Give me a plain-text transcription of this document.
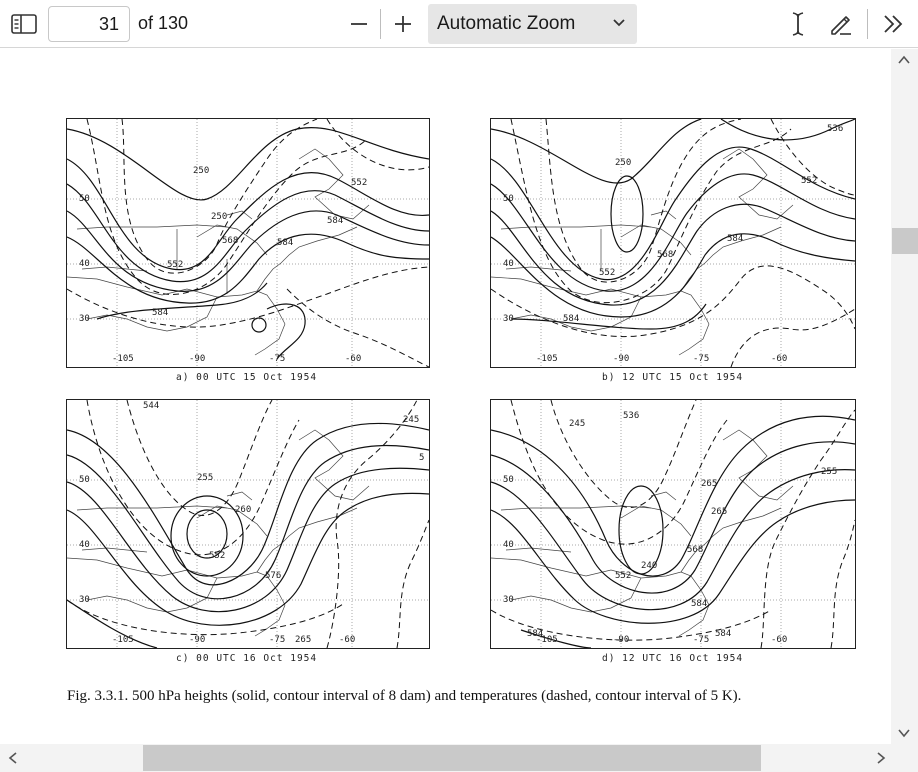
31
of 130	Automatic Zoom
-105	-90	-75	-60
50
40
30
250
552
250
568
552
584
584
584
a) 00 UTC 15 Oct 1954
-105	-90	-75	-60
50
40
30
536
250
552
552
568
584
584
b) 12 UTC 15 Oct 1954
-105	-90	-75	-60
50
40
30
544
245
255
260
552
576
265
5
c) 00 UTC 16 Oct 1954
-105	-90	-75	-60
50
40
30
536
245
265
255
265
568
552
240
584
584	584
d) 12 UTC 16 Oct 1954
Fig. 3.3.1. 500 hPa heights (solid, contour interval of 8 dam) and temperatures (dashed, contour interval of 5 K).
